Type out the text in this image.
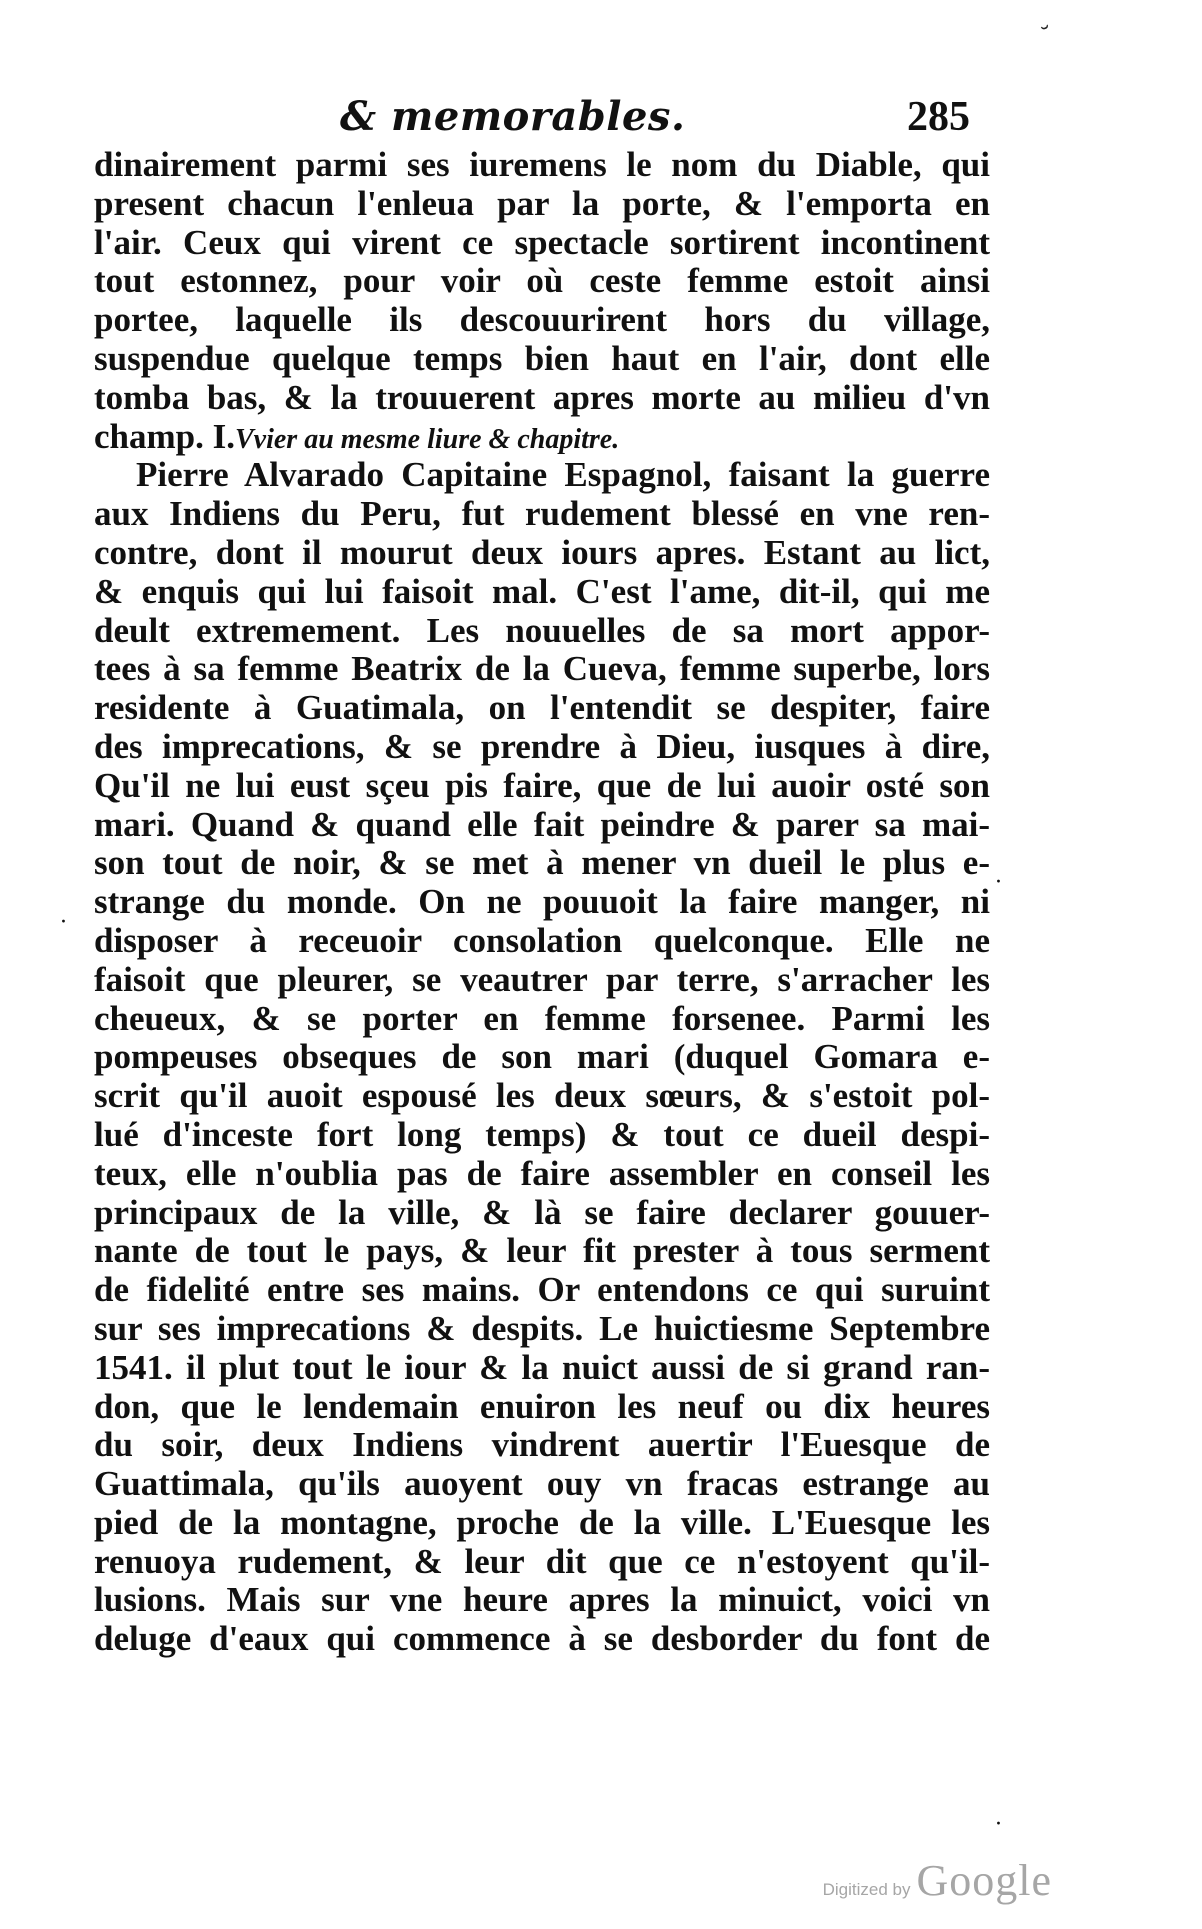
˘
& memorables.	285
dinairement parmi ses iuremens le nom du Diable, qui
present chacun l'enleua par la porte, & l'emporta en
l'air. Ceux qui virent ce spectacle sortirent incontinent
tout estonnez, pour voir où ceste femme estoit ainsi
portee, laquelle ils descouurirent hors du village,
suspendue quelque temps bien haut en l'air, dont elle
tomba bas, & la trouuerent apres morte au milieu d'vn
champ. I.Vvier au mesme liure & chapitre.
Pierre Alvarado Capitaine Espagnol, faisant la guerre
aux Indiens du Peru, fut rudement blessé en vne ren-
contre, dont il mourut deux iours apres. Estant au lict,
& enquis qui lui faisoit mal. C'est l'ame, dit-il, qui me
deult extremement. Les nouuelles de sa mort appor-
tees à sa femme Beatrix de la Cueva, femme superbe, lors
residente à Guatimala, on l'entendit se despiter, faire
des imprecations, & se prendre à Dieu, iusques à dire,
Qu'il ne lui eust sçeu pis faire, que de lui auoir osté son
mari. Quand & quand elle fait peindre & parer sa mai-
son tout de noir, & se met à mener vn dueil le plus e-
strange du monde. On ne pouuoit la faire manger, ni
disposer à receuoir consolation quelconque. Elle ne
faisoit que pleurer, se veautrer par terre, s'arracher les
cheueux, & se porter en femme forsenee. Parmi les
pompeuses obseques de son mari (duquel Gomara e-
scrit qu'il auoit espousé les deux sœurs, & s'estoit pol-
lué d'inceste fort long temps) & tout ce dueil despi-
teux, elle n'oublia pas de faire assembler en conseil les
principaux de la ville, & là se faire declarer gouuer-
nante de tout le pays, & leur fit prester à tous serment
de fidelité entre ses mains. Or entendons ce qui suruint
sur ses imprecations & despits. Le huictiesme Septembre
1541. il plut tout le iour & la nuict aussi de si grand ran-
don, que le lendemain enuiron les neuf ou dix heures
du soir, deux Indiens vindrent auertir l'Euesque de
Guattimala, qu'ils auoyent ouy vn fracas estrange au
pied de la montagne, proche de la ville. L'Euesque les
renuoya rudement, & leur dit que ce n'estoyent qu'il-
lusions. Mais sur vne heure apres la minuict, voici vn
deluge d'eaux qui commence à se desborder du font de
·
·
·
Digitized by Google
